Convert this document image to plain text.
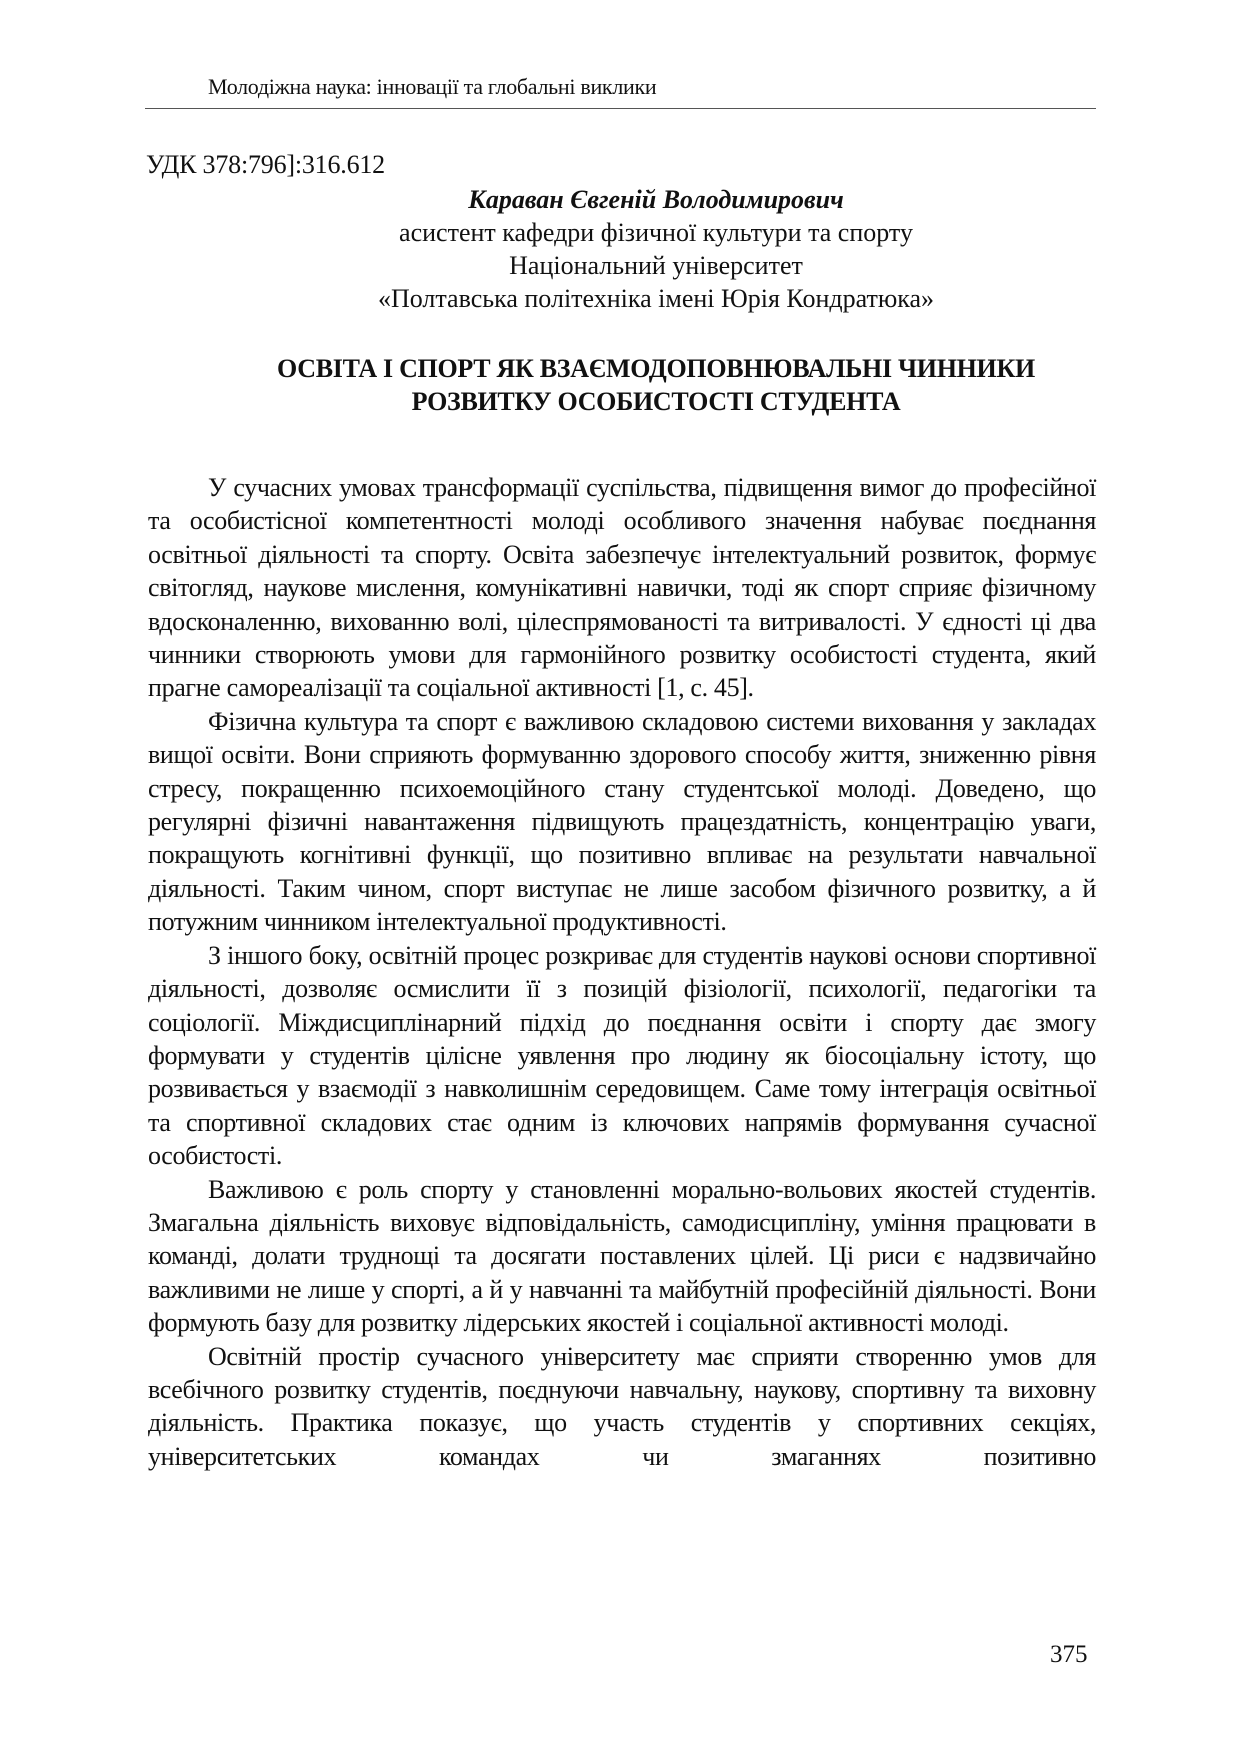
Молодіжна наука: інновації та глобальні виклики
УДК 378:796]:316.612
Караван Євгеній Володимирович
асистент кафедри фізичної культури та спорту
Національний університет
«Полтавська політехніка імені Юрія Кондратюка»
ОСВІТА І СПОРТ ЯК ВЗАЄМОДОПОВНЮВАЛЬНІ ЧИННИКИ
РОЗВИТКУ ОСОБИСТОСТІ СТУДЕНТА

У сучасних умовах трансформації суспільства, підвищення вимог до професійної та особистісної компетентності молоді особливого значення набуває поєднання освітньої діяльності та спорту. Освіта забезпечує інтелектуальний розвиток, формує світогляд, наукове мислення, комунікативні навички, тоді як спорт сприяє фізичному вдосконаленню, вихованню волі, цілеспрямованості та витривалості. У єдності ці два чинники створюють умови для гармонійного розвитку особистості студента, який прагне самореалізації та соціальної активності [1, с. 45].

Фізична культура та спорт є важливою складовою системи виховання у закладах вищої освіти. Вони сприяють формуванню здорового способу життя, зниженню рівня стресу, покращенню психоемоційного стану студентської молоді. Доведено, що регулярні фізичні навантаження підвищують працездатність, концентрацію уваги, покращують когнітивні функції, що позитивно впливає на результати навчальної діяльності. Таким чином, спорт виступає не лише засобом фізичного розвитку, а й потужним чинником інтелектуальної продуктивності.

З іншого боку, освітній процес розкриває для студентів наукові основи спортивної діяльності, дозволяє осмислити її з позицій фізіології, психології, педагогіки та соціології. Міждисциплінарний підхід до поєднання освіти і спорту дає змогу формувати у студентів цілісне уявлення про людину як біосоціальну істоту, що розвивається у взаємодії з навколишнім середовищем. Саме тому інтеграція освітньої та спортивної складових стає одним із ключових напрямів формування сучасної особистості.

Важливою є роль спорту у становленні морально-вольових якостей студентів. Змагальна діяльність виховує відповідальність, самодисципліну, уміння працювати в команді, долати труднощі та досягати поставлених цілей. Ці риси є надзвичайно важливими не лише у спорті, а й у навчанні та майбутній професійній діяльності. Вони формують базу для розвитку лідерських якостей і соціальної активності молоді.

Освітній простір сучасного університету має сприяти створенню умов для всебічного розвитку студентів, поєднуючи навчальну, наукову, спортивну та виховну діяльність. Практика показує, що участь студентів у спортивних секціях, університетських командах чи змаганнях позитивно

375
